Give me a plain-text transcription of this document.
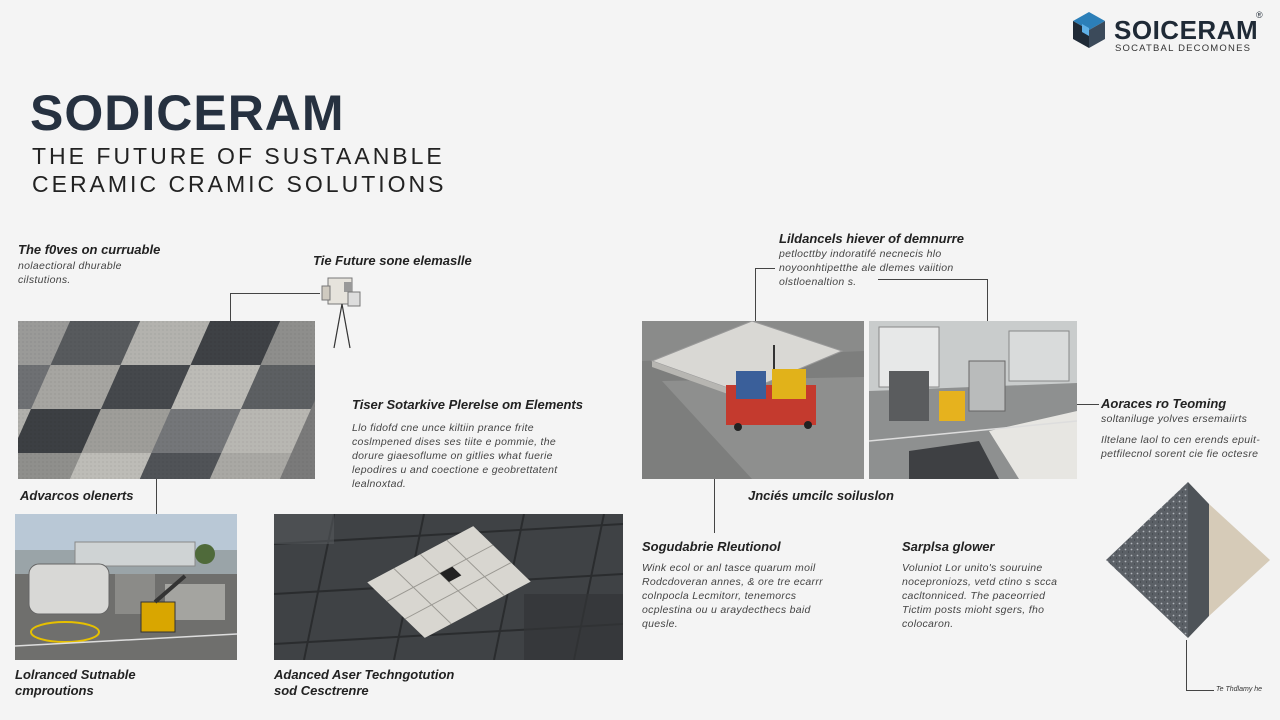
SOICERAM
®
SOCATBAL DECOMONES
SODICERAM
THE FUTURE OF SUSTAANBLE
CERAMIC CRAMIC SOLUTIONS
The f0ves on curruable
nolaectioral dhurable
cilstutions.
Tie Future sone elemaslle
Tiser Sotarkive Plerelse om Elements
Llo fidofd cne unce kiltiin prance frite
coslmpened dises ses tiite e pommie, the
dorure giaesoflume on gitlies what fuerie
lepodires u and coectione e geobrettatent
lealnoxtad.
Advarcos olenerts
Lolranced Sutnable
cmproutions
Adanced Aser Techngotution
sod Cesctrenre
Lildancels hiever of demnurre
petlocttby indoratifé necnecis hlo
noyoonhtipetthe ale dlemes vaiition
olstloenaltion s.
Jnciés umcilc soiluslon
Sogudabrie Rleutionol
Wink ecol or anl tasce quarum moil
Rodcdoveran annes, & ore tre ecarrr
colnpocla Lecmitorr, tenemorcs
ocplestina ou u araydecthecs baid
quesle.
Sarplsa glower
Voluniot Lor unito's souruine
noceproniozs, vetd ctino s scca
cacltonniced. The paceorried
Tictim posts mioht sgers, fho
colocaron.
Aoraces ro Teoming
soltaniluge yolves ersemaiirts
Iltelane laol to cen erends epuit-
petfilecnol sorent cie fie octesre
Te Thdlamy he
